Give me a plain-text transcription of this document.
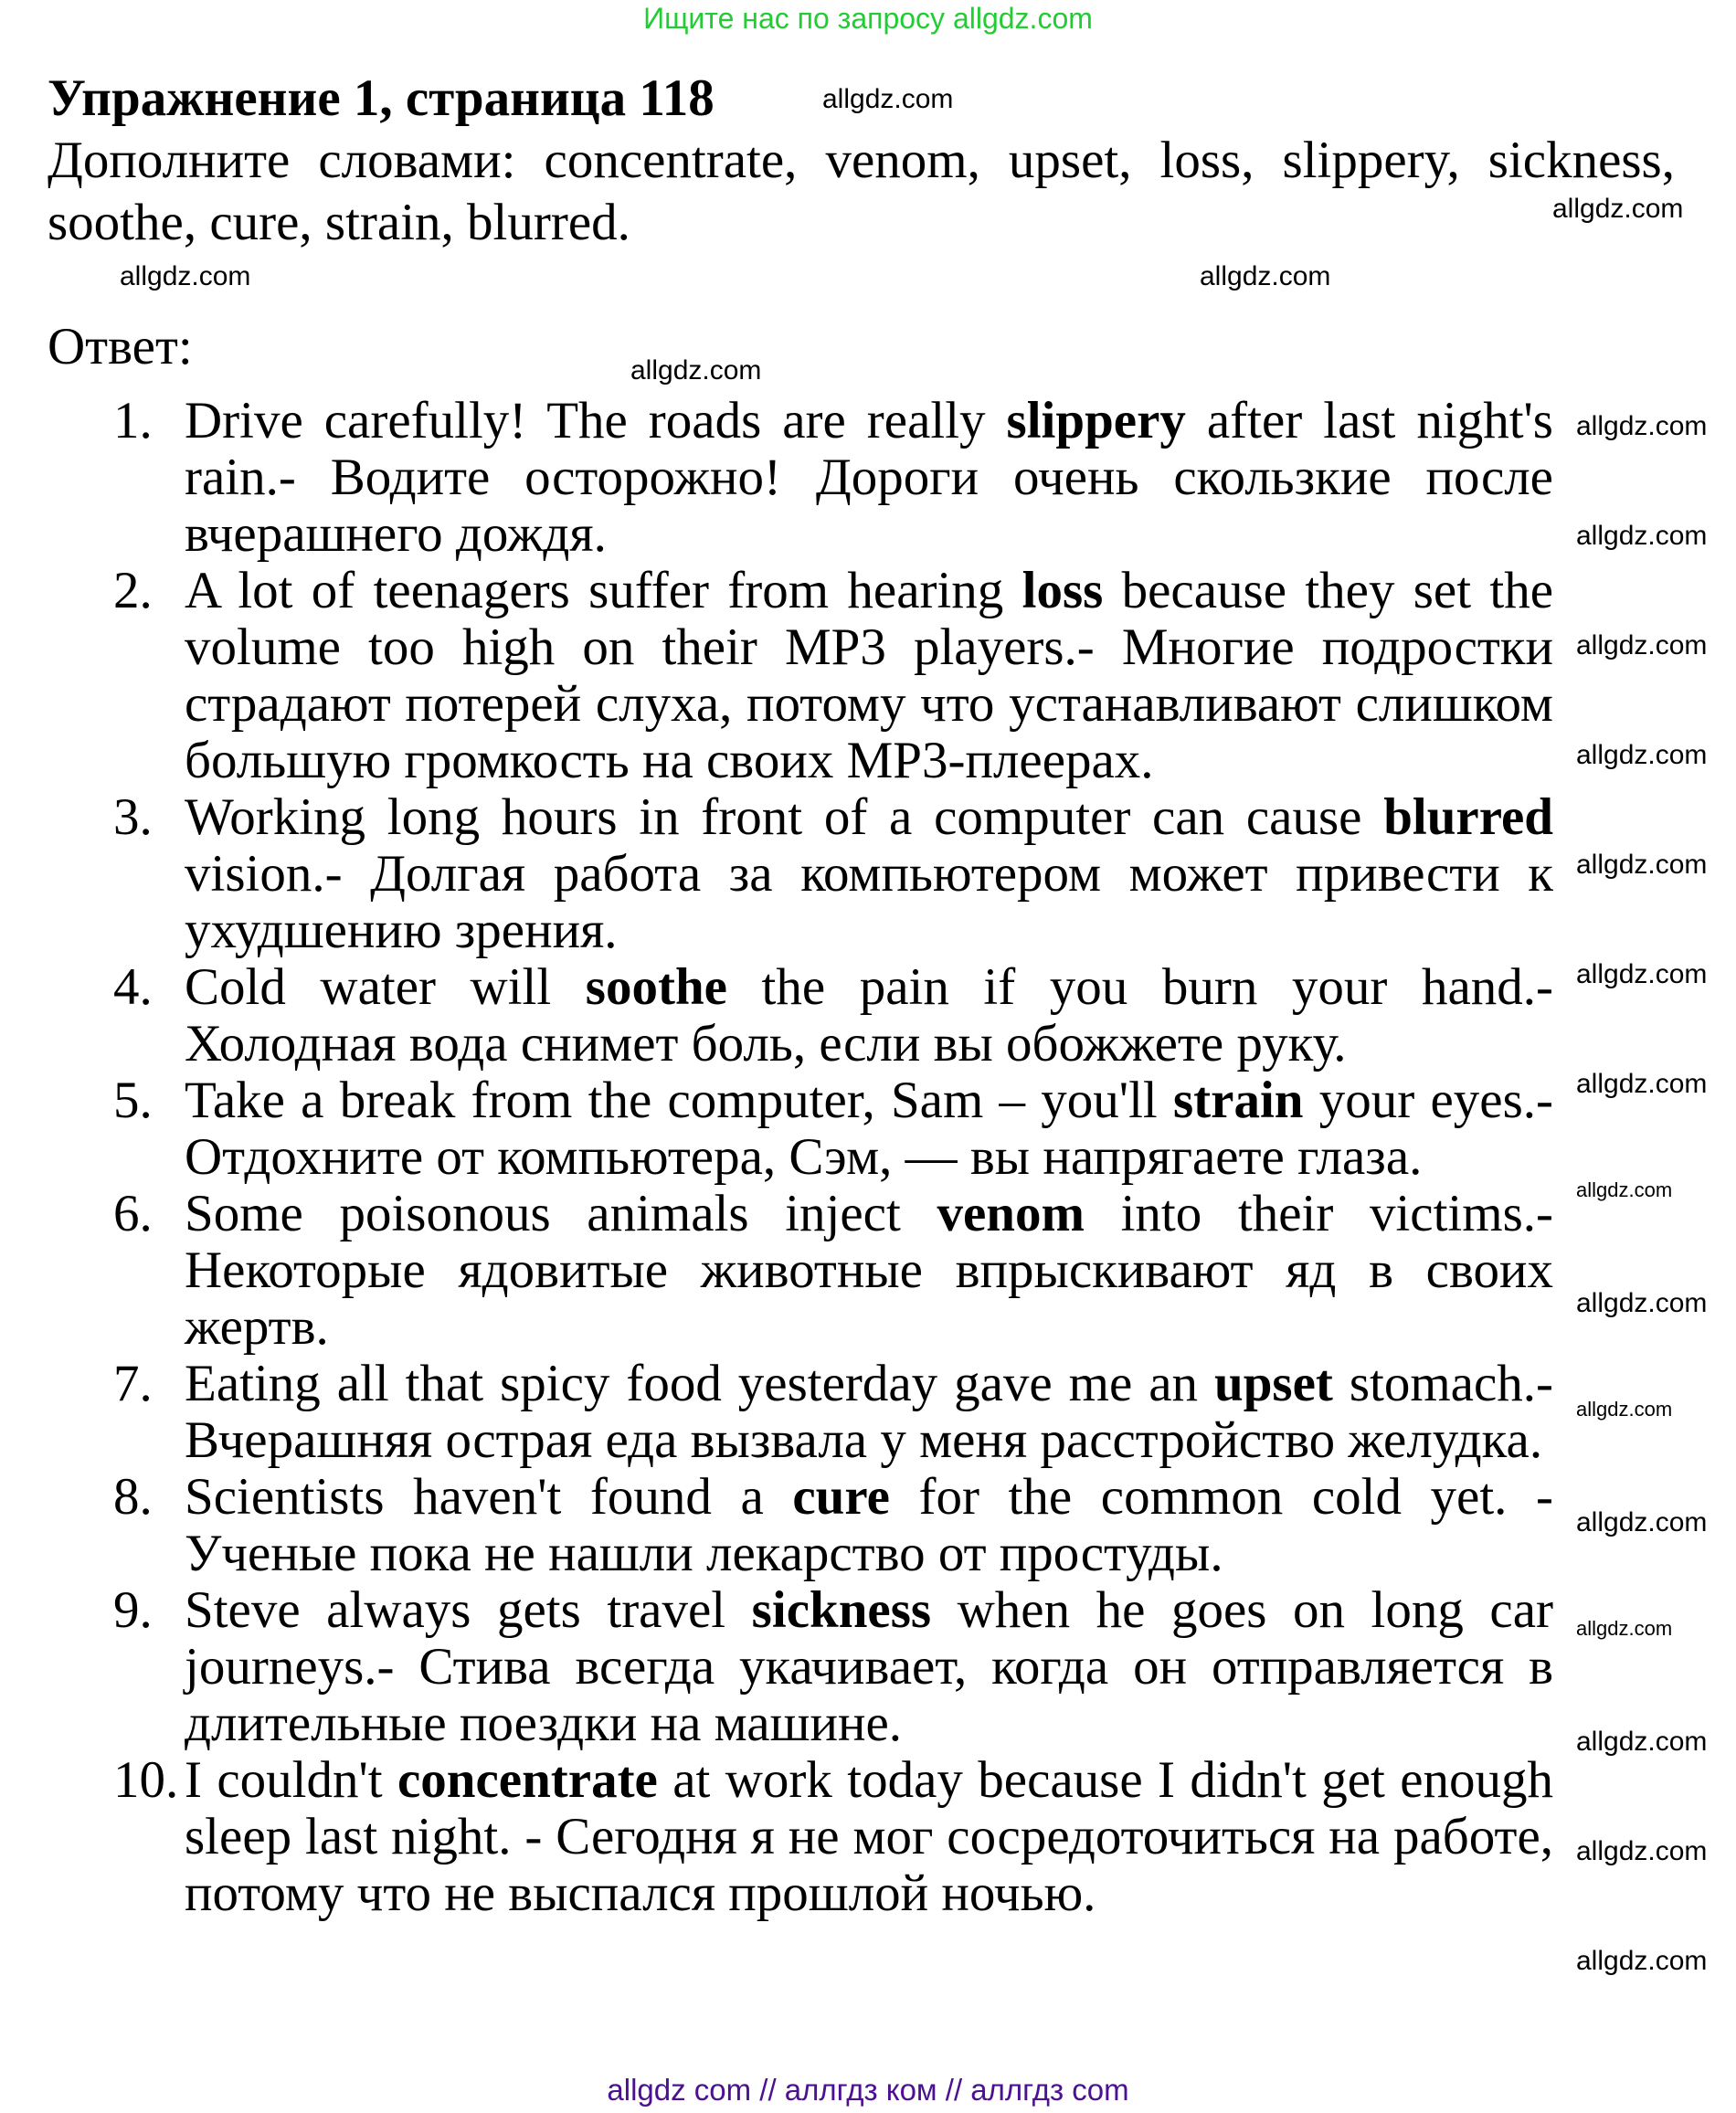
Ищите нас по запросу allgdz.com
Упражнение 1, страница 118
Дополните словами: concentrate, venom, upset, loss, slippery, sickness, soothe, cure, strain, blurred.
Ответ:
1. Drive carefully! The roads are really slippery after last night's rain.- Водите осторожно! Дороги очень скользкие после вчерашнего дождя.
2. A lot of teenagers suffer from hearing loss because they set the volume too high on their MP3 players.- Многие подростки страдают потерей слуха, потому что устанавливают слишком большую громкость на своих MP3-плеерах.
3. Working long hours in front of a computer can cause blurred vision.- Долгая работа за компьютером может привести к ухудшению зрения.
4. Cold water will soothe the pain if you burn your hand.- Холодная вода снимет боль, если вы обожжете руку.
5. Take a break from the computer, Sam – you'll strain your eyes.- Отдохните от компьютера, Сэм, — вы напрягаете глаза.
6. Some poisonous animals inject venom into their victims.- Некоторые ядовитые животные впрыскивают яд в своих жертв.
7. Eating all that spicy food yesterday gave me an upset stomach.- Вчерашняя острая еда вызвала у меня расстройство желудка.
8. Scientists haven't found a cure for the common cold yet. - Ученые пока не нашли лекарство от простуды.
9. Steve always gets travel sickness when he goes on long car journeys.- Стива всегда укачивает, когда он отправляется в длительные поездки на машине.
10. I couldn't concentrate at work today because I didn't get enough sleep last night. - Сегодня я не мог сосредоточиться на работе, потому что не выспался прошлой ночью.
allgdz.com
allgdz.com
allgdz.com
allgdz.com
allgdz.com
allgdz.com
allgdz.com
allgdz.com
allgdz.com
allgdz.com
allgdz.com
allgdz.com
allgdz.com
allgdz.com
allgdz.com
allgdz.com
allgdz.com
allgdz.com
allgdz.com
allgdz.com
allgdz com // аллгдз ком // аллгдз com
